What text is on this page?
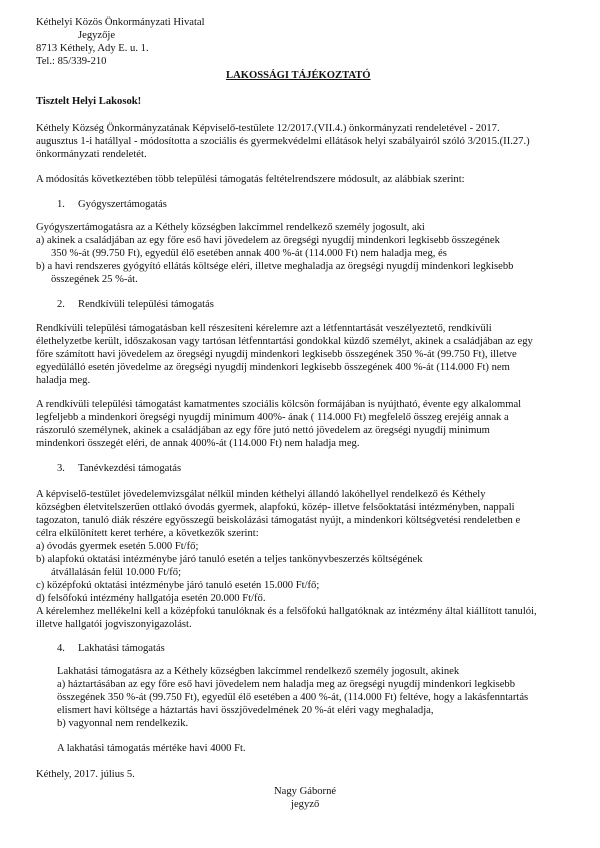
Kéthelyi Közös Önkormányzati Hivatal
Jegyzője
8713 Kéthely, Ady E. u. 1.
Tel.: 85/339-210
LAKOSSÁGI TÁJÉKOZTATÓ
Tisztelt Helyi Lakosok!
Kéthely Község Önkormányzatának Képviselő-testülete 12/2017.(VII.4.) önkormányzati rendeletével - 2017.
augusztus 1-i hatállyal - módosította a szociális és gyermekvédelmi ellátások helyi szabályairól szóló 3/2015.(II.27.)
önkormányzati rendeletét.
A módosítás következtében több települési támogatás feltételrendszere módosult, az alábbiak szerint:
1. Gyógyszertámogatás
Gyógyszertámogatásra az a Kéthely községben lakcímmel rendelkező személy jogosult, aki
a) akinek a családjában az egy főre eső havi jövedelem az öregségi nyugdíj mindenkori legkisebb összegének
350 %-át (99.750 Ft), egyedül élő esetében annak 400 %-át (114.000 Ft) nem haladja meg, és
b) a havi rendszeres gyógyító ellátás költsége eléri, illetve meghaladja az öregségi nyugdíj mindenkori legkisebb
összegének 25 %-át.
2. Rendkívüli települési támogatás
Rendkívüli települési támogatásban kell részesíteni kérelemre azt a létfenntartását veszélyeztető, rendkívüli
élethelyzetbe került, időszakosan vagy tartósan létfenntartási gondokkal küzdő személyt, akinek a családjában az egy
főre számított havi jövedelem az öregségi nyugdíj mindenkori legkisebb összegének 350 %-át (99.750 Ft), illetve
egyedülálló esetén jövedelme az öregségi nyugdíj mindenkori legkisebb összegének 400 %-át (114.000 Ft) nem
haladja meg.
A rendkívüli települési támogatást kamatmentes szociális kölcsön formájában is nyújtható, évente egy alkalommal
legfeljebb a mindenkori öregségi nyugdíj minimum 400%- ának ( 114.000 Ft) megfelelő összeg erejéig annak a
rászoruló személynek, akinek a családjában az egy főre jutó nettó jövedelem az öregségi nyugdíj minimum
mindenkori összegét eléri, de annak 400%-át (114.000 Ft) nem haladja meg.
3. Tanévkezdési támogatás
A képviselő-testület jövedelemvizsgálat nélkül minden kéthelyi állandó lakóhellyel rendelkező és Kéthely
községben életvitelszerűen ottlakó óvodás gyermek, alapfokú, közép- illetve felsőoktatási intézményben, nappali
tagozaton, tanuló diák részére egyösszegű beiskolázási támogatást nyújt, a mindenkori költségvetési rendeletben e
célra elkülönített keret terhére, a következők szerint:
a) óvodás gyermek esetén 5.000 Ft/fő;
b) alapfokú oktatási intézménybe járó tanuló esetén a teljes tankönyvbeszerzés költségének
átvállalásán felül 10.000 Ft/fő;
c) középfokú oktatási intézménybe járó tanuló esetén 15.000 Ft/fő;
d) felsőfokú intézmény hallgatója esetén 20.000 Ft/fő.
A kérelemhez mellékelni kell a középfokú tanulóknak és a felsőfokú hallgatóknak az intézmény által kiállított tanulói,
illetve hallgatói jogviszonyigazolást.
4. Lakhatási támogatás
Lakhatási támogatásra az a Kéthely községben lakcímmel rendelkező személy jogosult, akinek
a) háztartásában az egy főre eső havi jövedelem nem haladja meg az öregségi nyugdíj mindenkori legkisebb
összegének 350 %-át (99.750 Ft), egyedül élő esetében a 400 %-át, (114.000 Ft) feltéve, hogy a lakásfenntartás
elismert havi költsége a háztartás havi összjövedelmének 20 %-át eléri vagy meghaladja,
b) vagyonnal nem rendelkezik.
A lakhatási támogatás mértéke havi 4000 Ft.
Kéthely, 2017. július 5.
Nagy Gáborné
jegyző
